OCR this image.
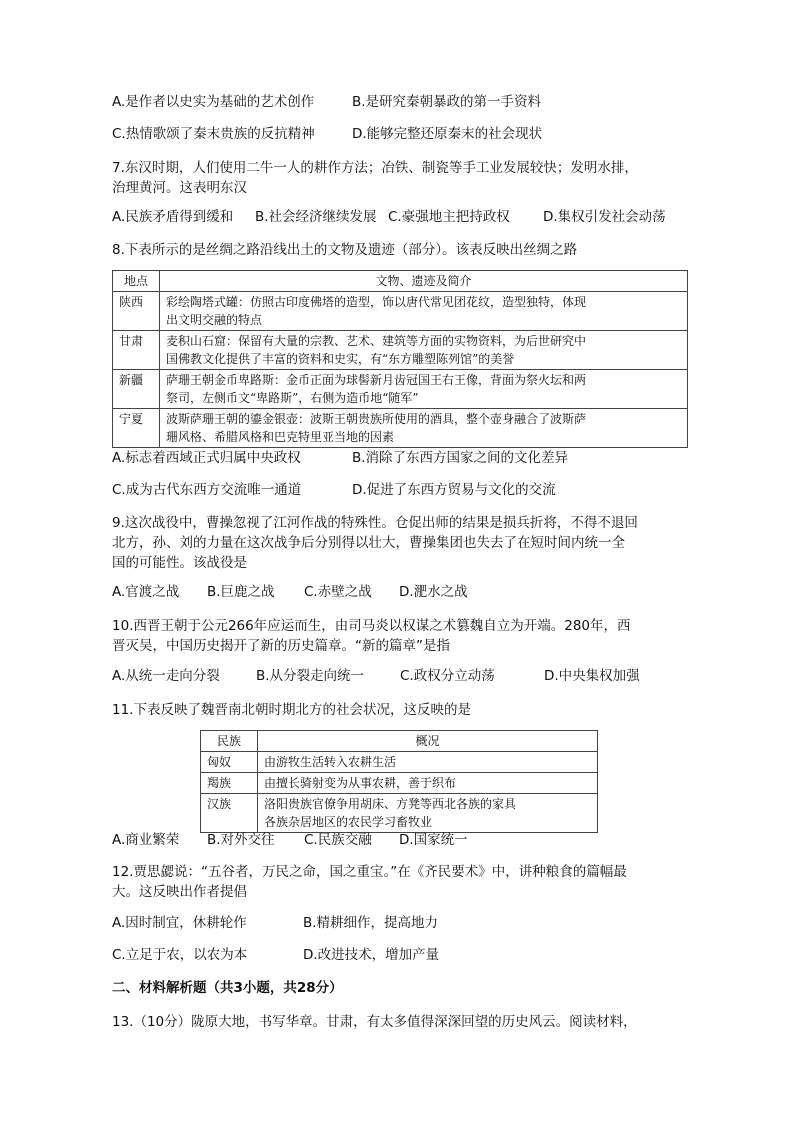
A.是作者以史实为基础的艺术创作	B.是研究秦朝暴政的第一手资料
C.热情歌颂了秦末贵族的反抗精神	D.能够完整还原秦末的社会现状
7.东汉时期，人们使用二牛一人的耕作方法；冶铁、制瓷等手工业发展较快；发明水排，
治理黄河。这表明东汉
A.民族矛盾得到缓和 B.社会经济继续发展 C.豪强地主把持政权 D.集权引发社会动荡
8.下表所示的是丝绸之路沿线出土的文物及遗迹（部分）。该表反映出丝绸之路
地点	文物、遗迹及简介
陕西	彩绘陶塔式罐：仿照古印度佛塔的造型，饰以唐代常见团花纹，造型独特，体现
出文明交融的特点

甘肃	麦积山石窟：保留有大量的宗教、艺术、建筑等方面的实物资料，为后世研究中
国佛教文化提供了丰富的资料和史实，有“东方雕塑陈列馆”的美誉

新疆	萨珊王朝金币卑路斯：金币正面为球髻新月齿冠国王右王像，背面为祭火坛和两
祭司，左侧币文“卑路斯”，右侧为造币地“随军”

宁夏	波斯萨珊王朝的鎏金银壶：波斯王朝贵族所使用的酒具，整个壶身融合了波斯萨
珊风格、希腊风格和巴克特里亚当地的因素
A.标志着西域正式归属中央政权	B.消除了东西方国家之间的文化差异
C.成为古代东西方交流唯一通道	D.促进了东西方贸易与文化的交流
9.这次战役中，曹操忽视了江河作战的特殊性。仓促出师的结果是损兵折将，不得不退回
北方，孙、刘的力量在这次战争后分别得以壮大，曹操集团也失去了在短时间内统一全
国的可能性。该战役是
A.官渡之战 B.巨鹿之战 C.赤壁之战 D.淝水之战
10.西晋王朝于公元266年应运而生，由司马炎以权谋之术篡魏自立为开端。280年，西
晋灭吴，中国历史揭开了新的历史篇章。“新的篇章”是指
A.从统一走向分裂	B.从分裂走向统一	C.政权分立动荡	D.中央集权加强
11.下表反映了魏晋南北朝时期北方的社会状况，这反映的是
民族	概况
匈奴	由游牧生活转入农耕生活

羯族	由擅长骑射变为从事农耕，善于织布

汉族	洛阳贵族官僚争用胡床、方凳等西北各族的家具
各族杂居地区的农民学习畜牧业
A.商业繁荣 B.对外交往 C.民族交融 D.国家统一
12.贾思勰说：“五谷者，万民之命，国之重宝。”在《齐民要术》中，讲种粮食的篇幅最
大。这反映出作者提倡
A.因时制宜，休耕轮作	B.精耕细作，提高地力
C.立足于农，以农为本	D.改进技术，增加产量
二、材料解析题（共3小题，共28分）
13.（10分）陇原大地，书写华章。甘肃，有太多值得深深回望的历史风云。阅读材料，
